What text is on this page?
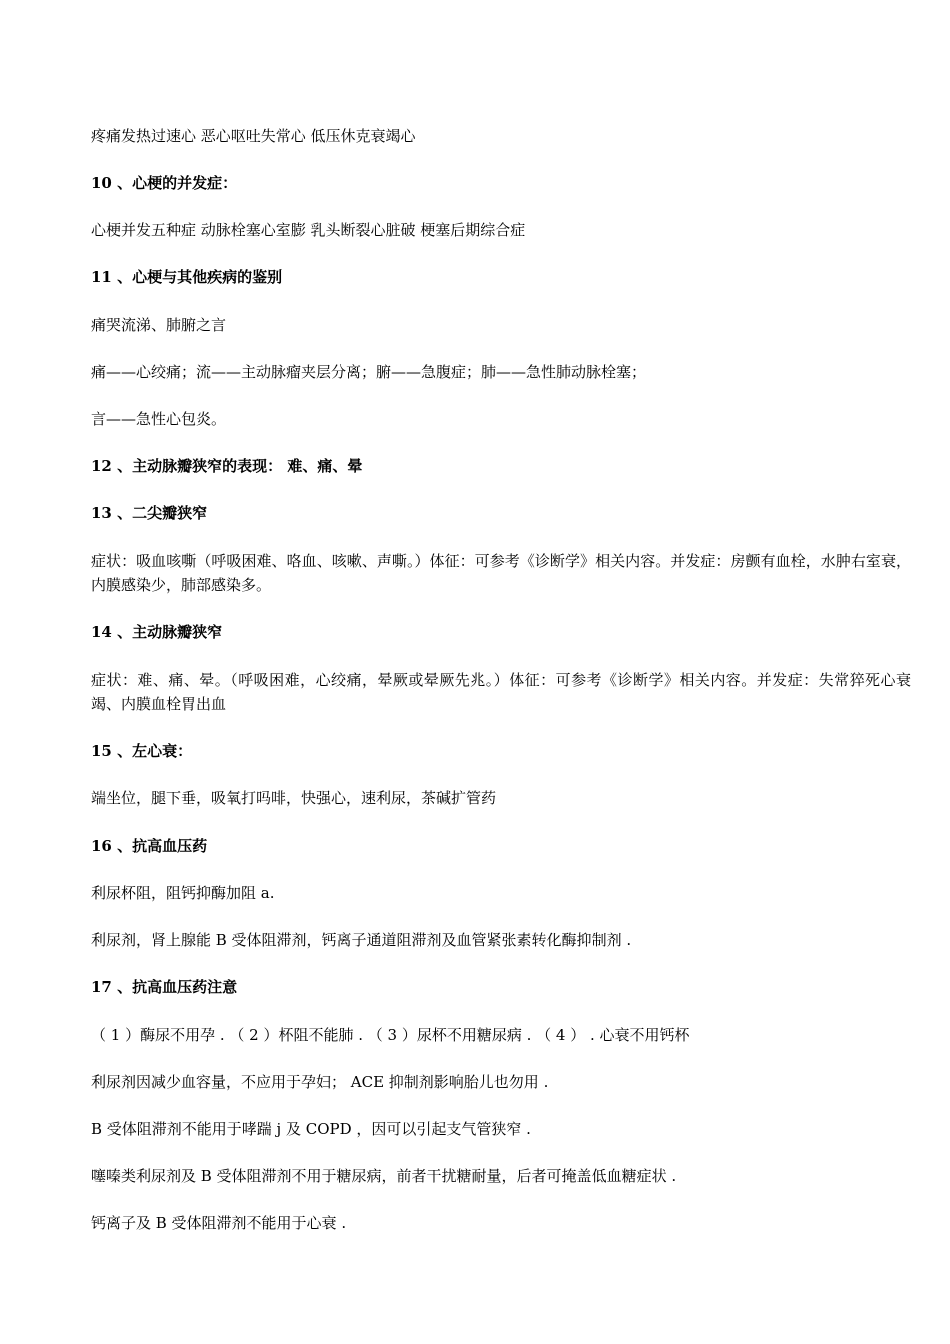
疼痛发热过速心 恶心呕吐失常心 低压休克衰竭心
10 、心梗的并发症：
心梗并发五种症 动脉栓塞心室膨 乳头断裂心脏破 梗塞后期综合症
11 、心梗与其他疾病的鉴别
痛哭流涕、肺腑之言
痛——心绞痛；流——主动脉瘤夹层分离；腑——急腹症；肺——急性肺动脉栓塞；
言——急性心包炎。
12 、主动脉瓣狭窄的表现： 难、痛、晕
13 、二尖瓣狭窄
症状：吸血咳嘶（呼吸困难、咯血、咳嗽、声嘶。）体征：可参考《诊断学》相关内容。并发症：房颤有血栓，水肿右室衰，内膜感染少，肺部感染多。
14 、主动脉瓣狭窄
症状：难、痛、晕。（呼吸困难，心绞痛，晕厥或晕厥先兆。）体征：可参考《诊断学》相关内容。并发症：失常猝死心衰竭、内膜血栓胃出血
15 、左心衰：
端坐位，腿下垂，吸氧打吗啡，快强心，速利尿，茶碱扩管药
16 、抗高血压药
利尿杯阻，阻钙抑酶加阻 a.
利尿剂，肾上腺能 B 受体阻滞剂，钙离子通道阻滞剂及血管紧张素转化酶抑制剂 .
17 、抗高血压药注意
（ 1 ）酶尿不用孕 . （ 2 ）杯阻不能肺 . （ 3 ）尿杯不用糖尿病 . （ 4 ） . 心衰不用钙杯
利尿剂因减少血容量，不应用于孕妇； ACE 抑制剂影响胎儿也勿用 .
B 受体阻滞剂不能用于哮踹 j 及 COPD ，因可以引起支气管狭窄 .
噻嗪类利尿剂及 B 受体阻滞剂不用于糖尿病，前者干扰糖耐量，后者可掩盖低血糖症状 .
钙离子及 B 受体阻滞剂不能用于心衰 .
